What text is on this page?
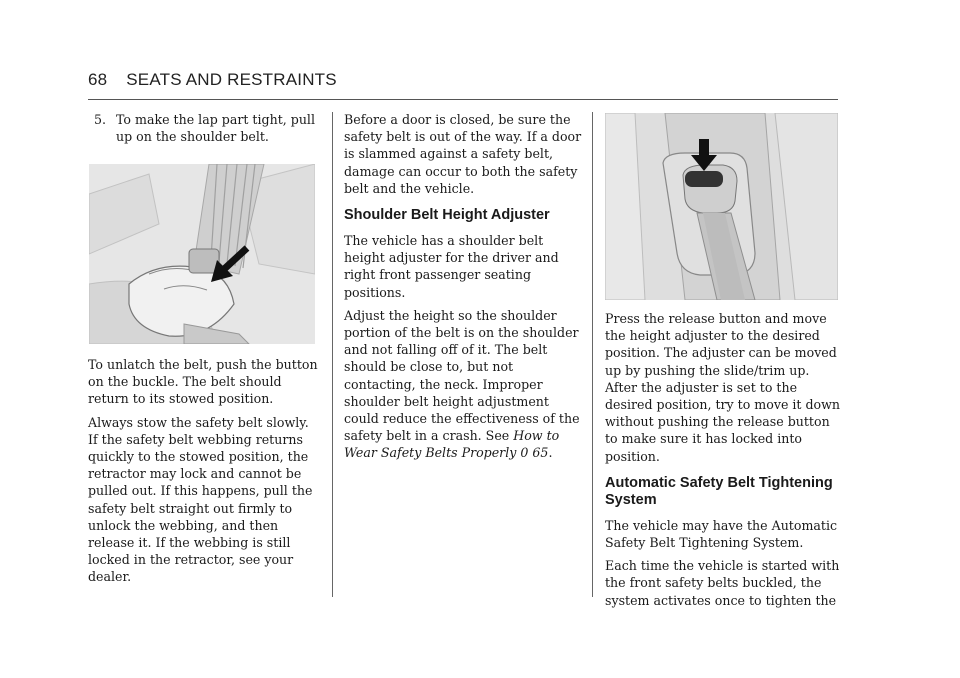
68 SEATS AND RESTRAINTS
5. To make the lap part tight, pull up on the shoulder belt.

To unlatch the belt, push the button on the buckle. The belt should return to its stowed position.

Always stow the safety belt slowly. If the safety belt webbing returns quickly to the stowed position, the retractor may lock and cannot be pulled out. If this happens, pull the safety belt straight out firmly to unlock the webbing, and then release it. If the webbing is still locked in the retractor, see your dealer.

Before a door is closed, be sure the safety belt is out of the way. If a door is slammed against a safety belt, damage can occur to both the safety belt and the vehicle.

Shoulder Belt Height Adjuster

The vehicle has a shoulder belt height adjuster for the driver and right front passenger seating positions.

Adjust the height so the shoulder portion of the belt is on the shoulder and not falling off of it. The belt should be close to, but not contacting, the neck. Improper shoulder belt height adjustment could reduce the effectiveness of the safety belt in a crash. See How to Wear Safety Belts Properly 0 65.

Press the release button and move the height adjuster to the desired position. The adjuster can be moved up by pushing the slide/trim up. After the adjuster is set to the desired position, try to move it down without pushing the release button to make sure it has locked into position.

Automatic Safety Belt Tightening System

The vehicle may have the Automatic Safety Belt Tightening System.

Each time the vehicle is started with the front safety belts buckled, the system activates once to tighten the
